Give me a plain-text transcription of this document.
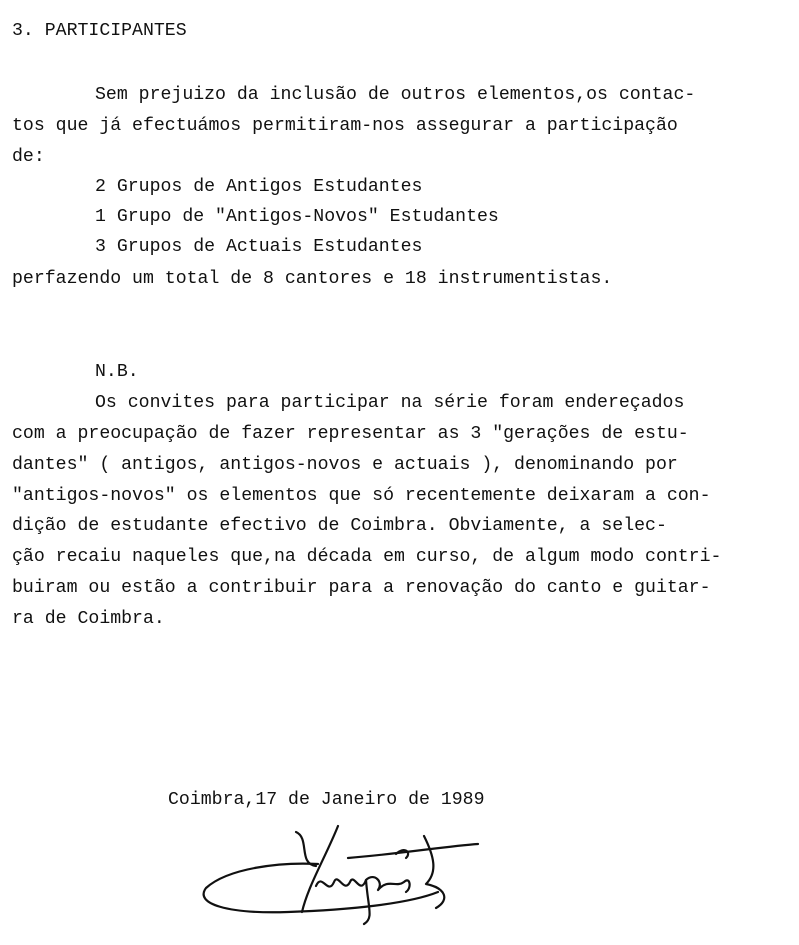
3. PARTICIPANTES
Sem prejuizo da inclusão de outros elementos,os contac-
tos que já efectuámos permitiram-nos assegurar a participação
de:
2 Grupos de Antigos Estudantes
1 Grupo de "Antigos-Novos" Estudantes
3 Grupos de Actuais Estudantes
perfazendo um total de 8 cantores e 18 instrumentistas.
N.B.
Os convites para participar na série foram endereçados
com a preocupação de fazer representar as 3 "gerações de estu-
dantes" ( antigos, antigos-novos e actuais ), denominando por
"antigos-novos" os elementos que só recentemente deixaram a con-
dição de estudante efectivo de Coimbra. Obviamente, a selec-
ção recaiu naqueles que,na década em curso, de algum modo contri-
buiram ou estão a contribuir para a renovação do canto e guitar-
ra de Coimbra.
Coimbra,17 de Janeiro de 1989
